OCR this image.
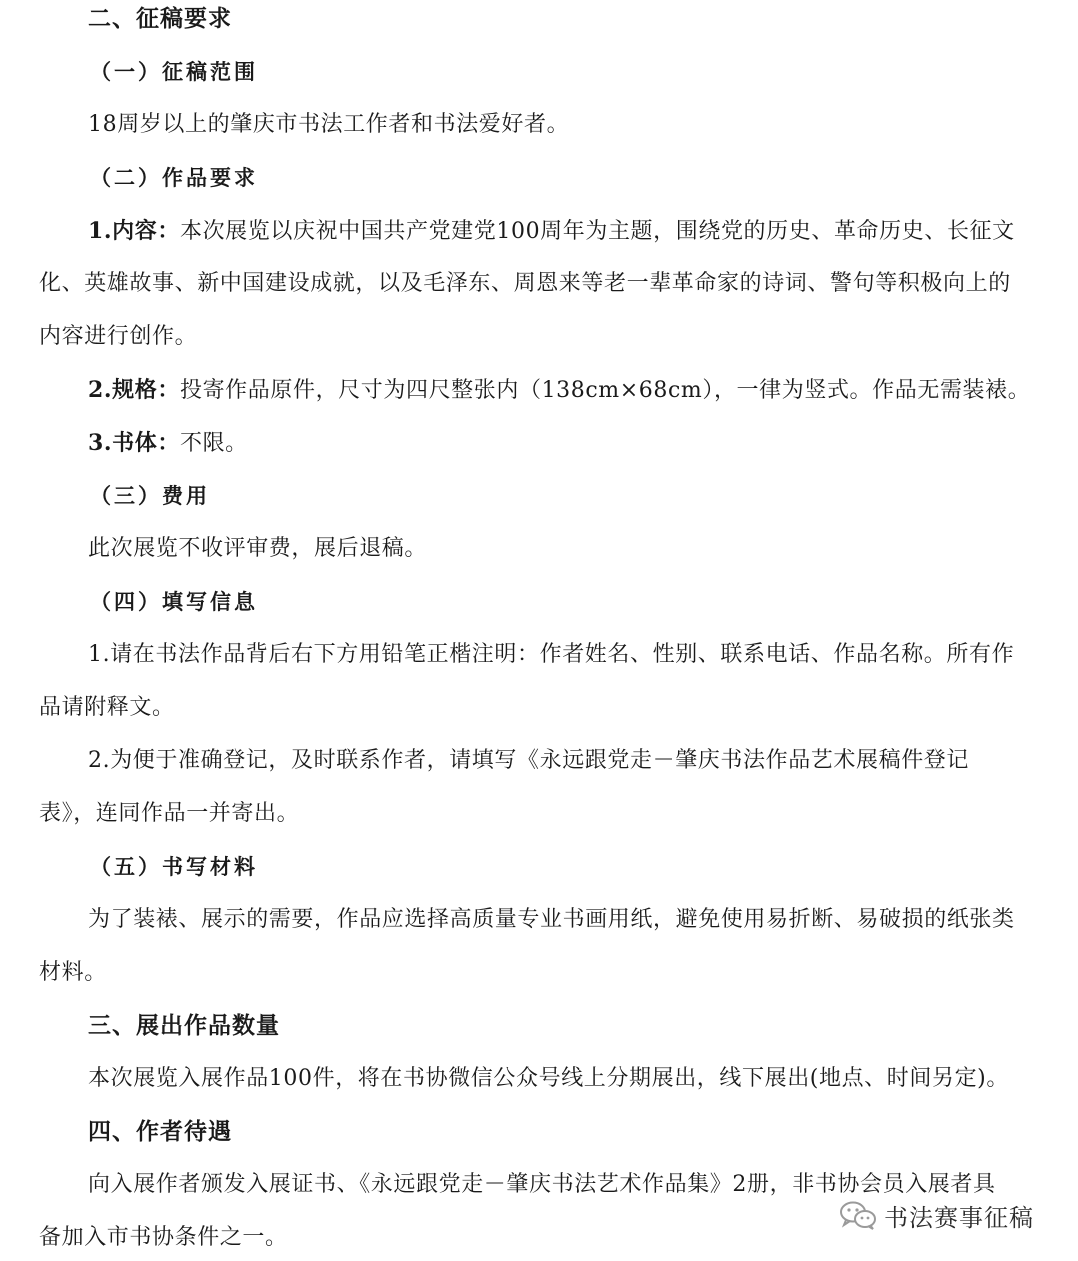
二、征稿要求
（一）征稿范围
18周岁以上的肇庆市书法工作者和书法爱好者。
（二）作品要求
1.内容：本次展览以庆祝中国共产党建党100周年为主题，围绕党的历史、革命历史、长征文
化、英雄故事、新中国建设成就，以及毛泽东、周恩来等老一辈革命家的诗词、警句等积极向上的
内容进行创作。
2.规格：投寄作品原件，尺寸为四尺整张内（138cm×68cm），一律为竖式。作品无需装裱。
3.书体：不限。
（三）费用
此次展览不收评审费，展后退稿。
（四）填写信息
1.请在书法作品背后右下方用铅笔正楷注明：作者姓名、性别、联系电话、作品名称。所有作
品请附释文。
2.为便于准确登记，及时联系作者，请填写《永远跟党走－肇庆书法作品艺术展稿件登记
表》，连同作品一并寄出。
（五）书写材料
为了装裱、展示的需要，作品应选择高质量专业书画用纸，避免使用易折断、易破损的纸张类
材料。
三、展出作品数量
本次展览入展作品100件，将在书协微信公众号线上分期展出，线下展出(地点、时间另定)。
四、作者待遇
向入展作者颁发入展证书、《永远跟党走－肇庆书法艺术作品集》2册，非书协会员入展者具
备加入市书协条件之一。
书法赛事征稿
